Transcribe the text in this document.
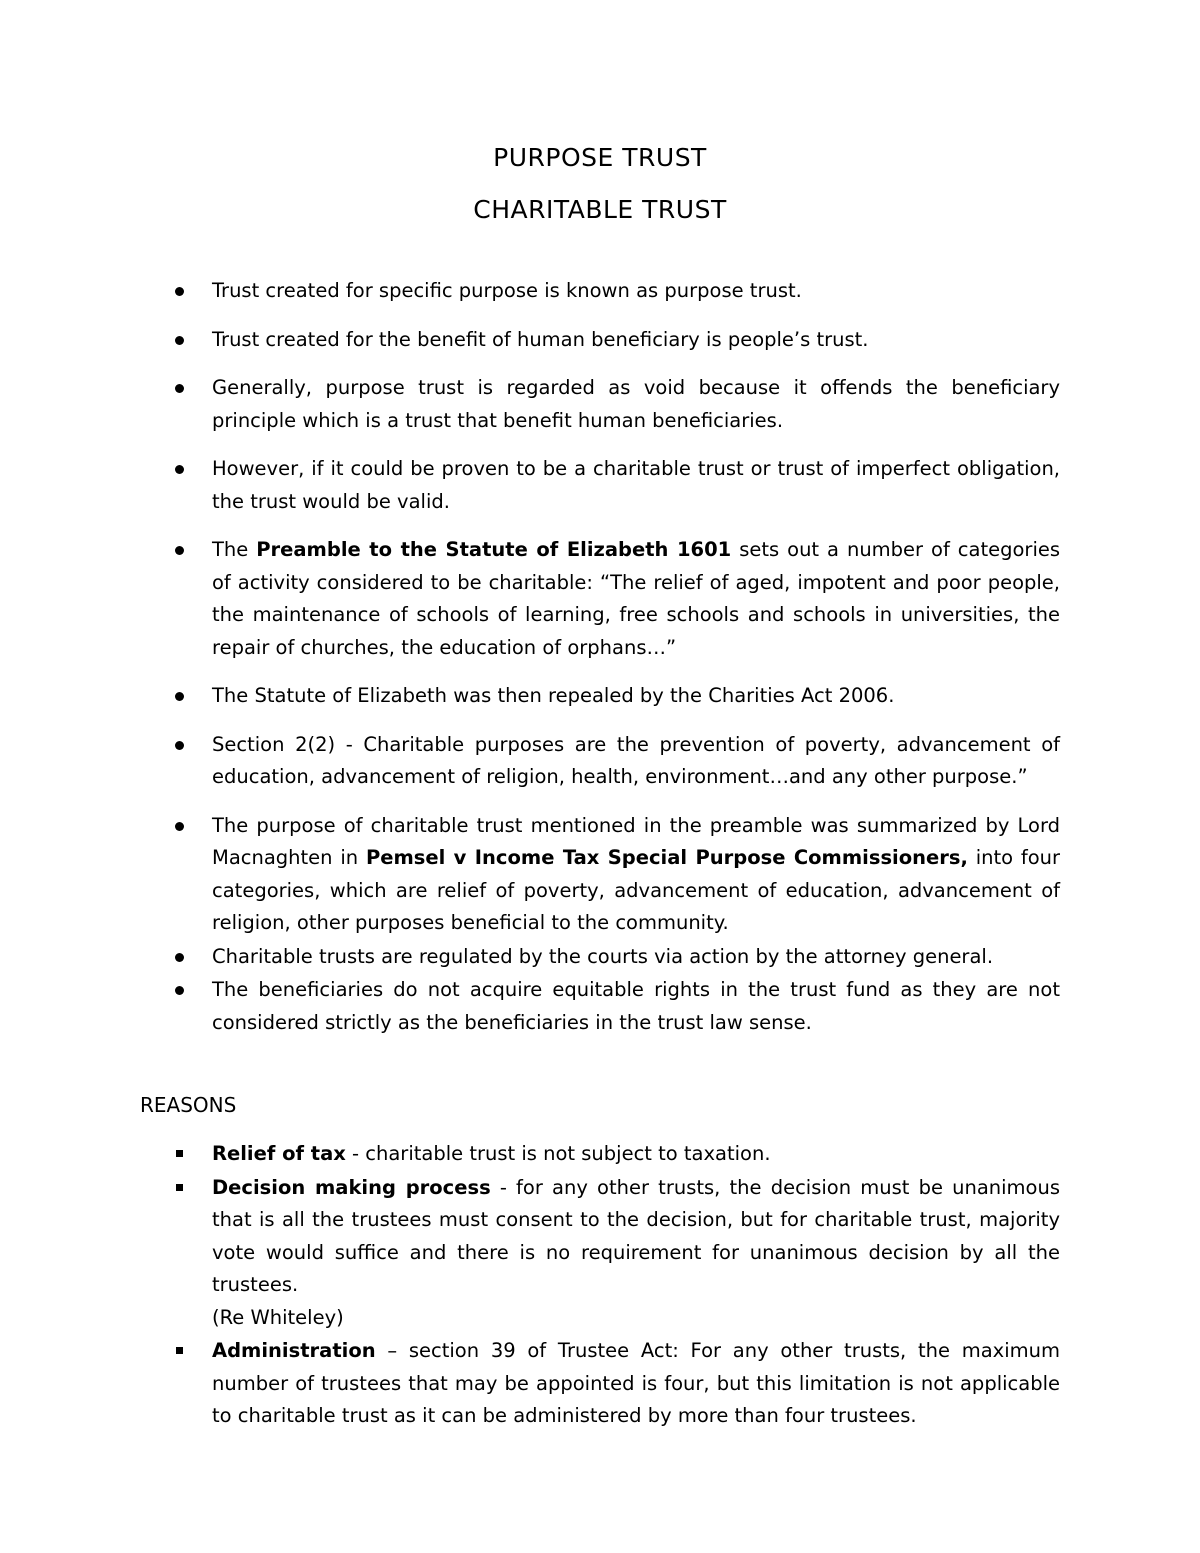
PURPOSE TRUST
CHARITABLE TRUST
Trust created for specific purpose is known as purpose trust.
Trust created for the benefit of human beneficiary is people’s trust.
Generally, purpose trust is regarded as void because it offends the beneficiary principle which is a trust that benefit human beneficiaries.
However, if it could be proven to be a charitable trust or trust of imperfect obligation, the trust would be valid.
The Preamble to the Statute of Elizabeth 1601 sets out a number of categories of activity considered to be charitable: “The relief of aged, impotent and poor people, the maintenance of schools of learning, free schools and schools in universities, the repair of churches, the education of orphans…”
The Statute of Elizabeth was then repealed by the Charities Act 2006.
Section 2(2) - Charitable purposes are the prevention of poverty, advancement of education, advancement of religion, health, environment…and any other purpose.”
The purpose of charitable trust mentioned in the preamble was summarized by Lord Macnaghten in Pemsel v Income Tax Special Purpose Commissioners, into four categories, which are relief of poverty, advancement of education, advancement of religion, other purposes beneficial to the community.
Charitable trusts are regulated by the courts via action by the attorney general.
The beneficiaries do not acquire equitable rights in the trust fund as they are not considered strictly as the beneficiaries in the trust law sense.
REASONS
Relief of tax - charitable trust is not subject to taxation.
Decision making process - for any other trusts, the decision must be unanimous that is all the trustees must consent to the decision, but for charitable trust, majority vote would suffice and there is no requirement for unanimous decision by all the trustees.
(Re Whiteley)
Administration – section 39 of Trustee Act: For any other trusts, the maximum number of trustees that may be appointed is four, but this limitation is not applicable to charitable trust as it can be administered by more than four trustees.
